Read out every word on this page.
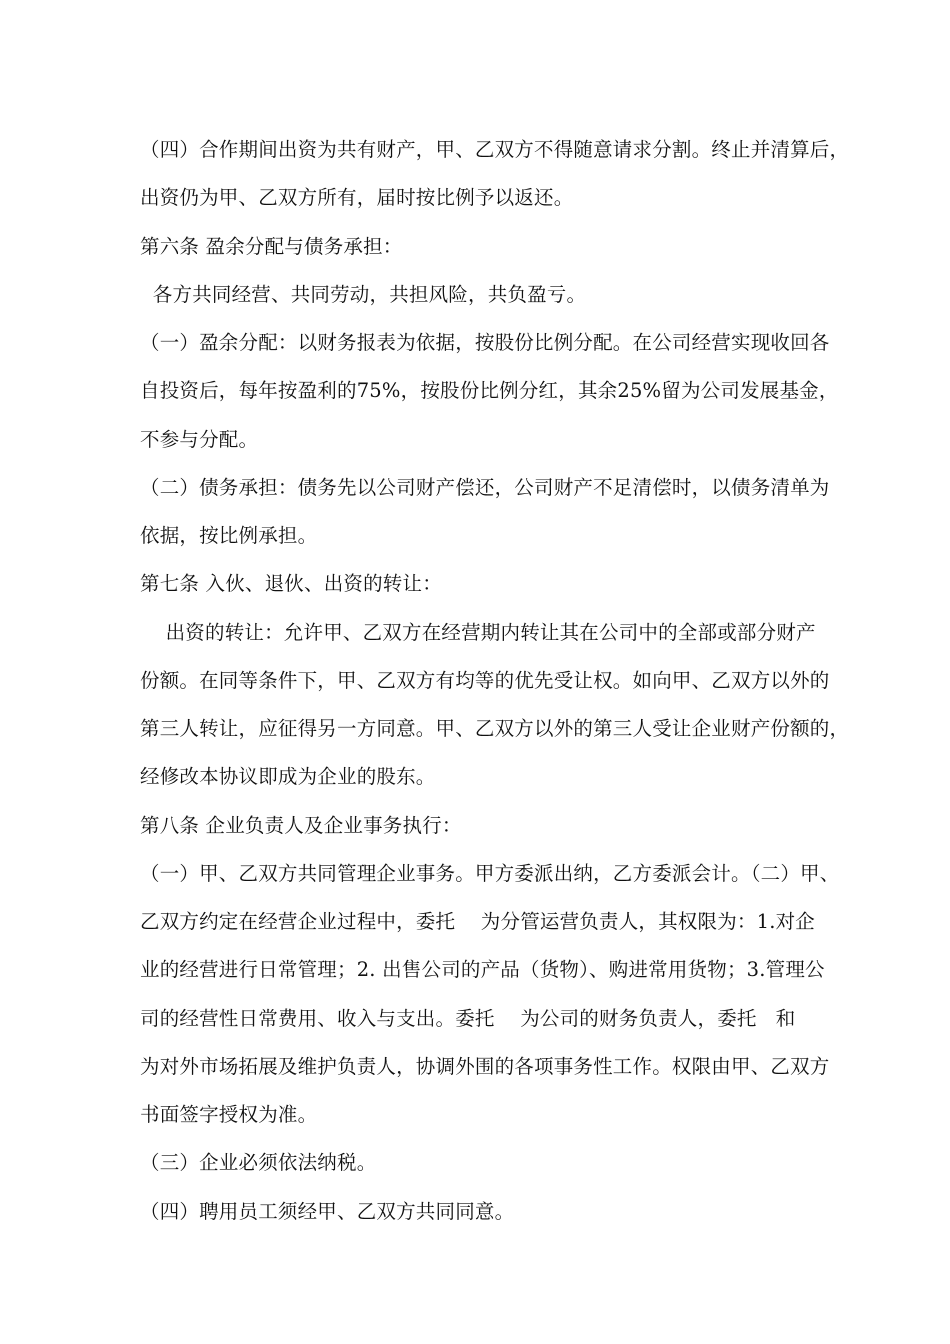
（四）合作期间出资为共有财产，甲、乙双方不得随意请求分割。终止并清算后，
出资仍为甲、乙双方所有，届时按比例予以返还。
第六条 盈余分配与债务承担：
各方共同经营、共同劳动，共担风险，共负盈亏。
（一）盈余分配：以财务报表为依据，按股份比例分配。在公司经营实现收回各
自投资后，每年按盈利的75%，按股份比例分红，其余25%留为公司发展基金，
不参与分配。
（二）债务承担：债务先以公司财产偿还，公司财产不足清偿时，以债务清单为
依据，按比例承担。
第七条 入伙、退伙、出资的转让：
出资的转让：允许甲、乙双方在经营期内转让其在公司中的全部或部分财产
份额。在同等条件下，甲、乙双方有均等的优先受让权。如向甲、乙双方以外的
第三人转让，应征得另一方同意。甲、乙双方以外的第三人受让企业财产份额的，
经修改本协议即成为企业的股东。
第八条 企业负责人及企业事务执行：
（一）甲、乙双方共同管理企业事务。甲方委派出纳，乙方委派会计。（二）甲、
乙双方约定在经营企业过程中，委托    为分管运营负责人，其权限为：1.对企
业的经营进行日常管理；2. 出售公司的产品（货物）、购进常用货物；3.管理公
司的经营性日常费用、收入与支出。委托    为公司的财务负责人，委托   和
为对外市场拓展及维护负责人，协调外围的各项事务性工作。权限由甲、乙双方
书面签字授权为准。
（三）企业必须依法纳税。
（四）聘用员工须经甲、乙双方共同同意。
